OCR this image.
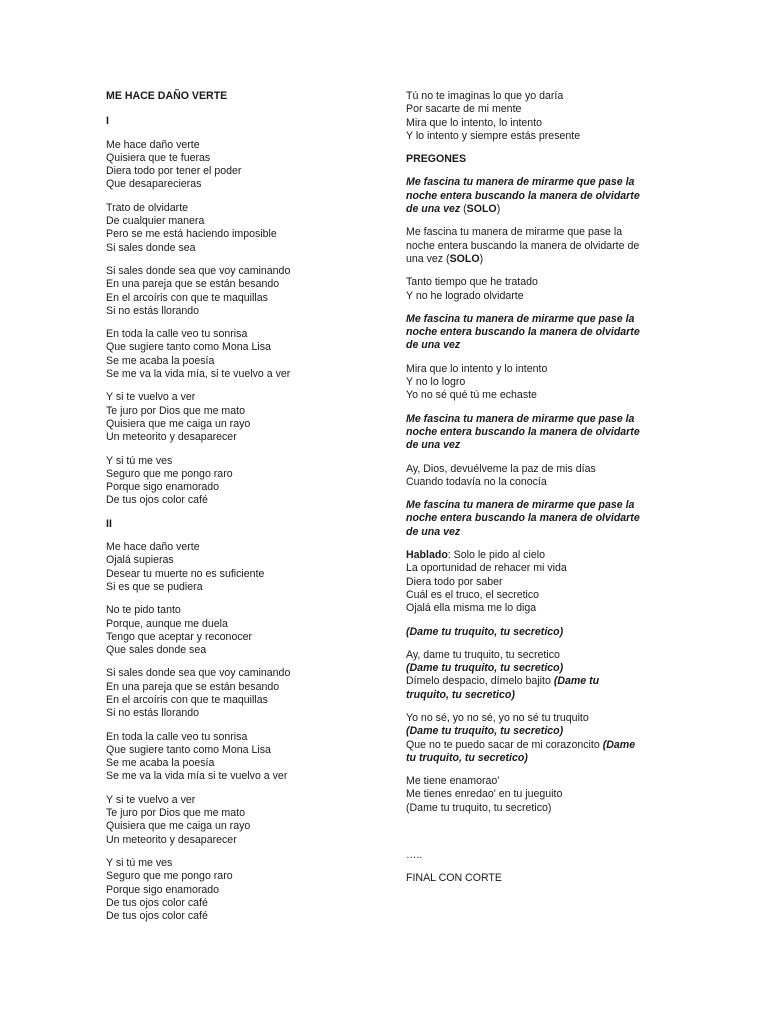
ME HACE DAÑO VERTE
I
Me hace daño verte
Quisiera que te fueras
Diera todo por tener el poder
Que desaparecieras
Trato de olvidarte
De cualquier manera
Pero se me está haciendo imposible
Si sales donde sea
Si sales donde sea que voy caminando
En una pareja que se están besando
En el arcoíris con que te maquillas
Si no estás llorando
En toda la calle veo tu sonrisa
Que sugiere tanto como Mona Lisa
Se me acaba la poesía
Se me va la vida mía, si te vuelvo a ver
Y si te vuelvo a ver
Te juro por Dios que me mato
Quisiera que me caiga un rayo
Un meteorito y desaparecer
Y si tú me ves
Seguro que me pongo raro
Porque sigo enamorado
De tus ojos color café
II
Me hace daño verte
Ojalá supieras
Desear tu muerte no es suficiente
Si es que se pudiera
No te pido tanto
Porque, aunque me duela
Tengo que aceptar y reconocer
Que sales donde sea
Si sales donde sea que voy caminando
En una pareja que se están besando
En el arcoíris con que te maquillas
Si no estás llorando
En toda la calle veo tu sonrisa
Que sugiere tanto como Mona Lisa
Se me acaba la poesía
Se me va la vida mía si te vuelvo a ver
Y si te vuelvo a ver
Te juro por Dios que me mato
Quisiera que me caiga un rayo
Un meteorito y desaparecer
Y si tú me ves
Seguro que me pongo raro
Porque sigo enamorado
De tus ojos color café
De tus ojos color café
Tú no te imaginas lo que yo daría
Por sacarte de mi mente
Mira que lo intento, lo intento
Y lo intento y siempre estás presente
PREGONES
Me fascina tu manera de mirarme que pase la
noche entera buscando la manera de olvidarte
de una vez (SOLO)
Me fascina tu manera de mirarme que pase la
noche entera buscando la manera de olvidarte de
una vez (SOLO)
Tanto tiempo que he tratado
Y no he logrado olvidarte
Me fascina tu manera de mirarme que pase la
noche entera buscando la manera de olvidarte
de una vez
Mira que lo intento y lo intento
Y no lo logro
Yo no sé qué tú me echaste
Me fascina tu manera de mirarme que pase la
noche entera buscando la manera de olvidarte
de una vez
Ay, Dios, devuélveme la paz de mis días
Cuando todavía no la conocía
Me fascina tu manera de mirarme que pase la
noche entera buscando la manera de olvidarte
de una vez
Hablado: Solo le pido al cielo
La oportunidad de rehacer mi vida
Diera todo por saber
Cuál es el truco, el secretico
Ojalá ella misma me lo diga
(Dame tu truquito, tu secretico)
Ay, dame tu truquito, tu secretico
(Dame tu truquito, tu secretico)
Dímelo despacio, dímelo bajito (Dame tu
truquito, tu secretico)
Yo no sé, yo no sé, yo no sé tu truquito
(Dame tu truquito, tu secretico)
Que no te puedo sacar de mi corazoncito (Dame
tu truquito, tu secretico)
Me tiene enamorao'
Me tienes enredao' en tu jueguito
(Dame tu truquito, tu secretico)
…..
FINAL CON CORTE
